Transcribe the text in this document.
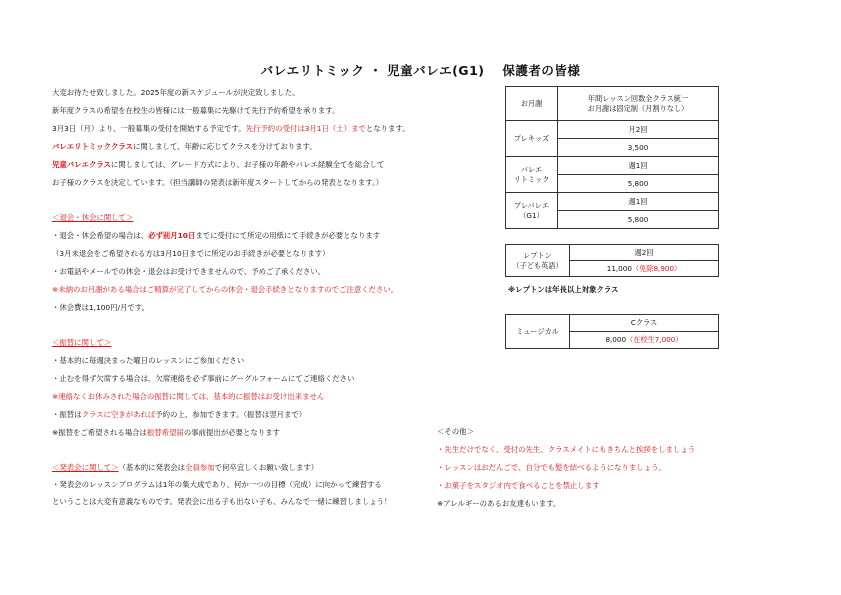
バレエリトミック ・ 児童バレエ(G1)　 保護者の皆様
大変お待たせ致しました。2025年度の新スケジュールが決定致しました。
新年度クラスの希望を在校生の皆様には一般募集に先駆けて先行予約希望を承ります。
3月3日（月）より、一般募集の受付を開始する予定です。先行予約の受付は3月1日（土）までとなります。
バレエリトミッククラスに関しまして、年齢に応じてクラスを分けております。
児童バレエクラスに関しましては、グレード方式により、お子様の年齢やバレエ経験全てを総合して
お子様のクラスを決定しています。（担当講師の発表は新年度スタートしてからの発表となります。）
＜退会・休会に関して＞
・退会・休会希望の場合は、必ず前月10日までに受付にて所定の用紙にて手続きが必要となります
（3月末退会をご希望される方は3月10日までに所定のお手続きが必要となります）
・お電話やメールでの休会・退会はお受けできませんので、予めご了承ください。
※未納のお月謝がある場合はご精算が完了してからの休会・退会手続きとなりますのでご注意ください。
・休会費は1,100円/月です。
＜振替に関して＞
・基本的に毎週決まった曜日のレッスンにご参加ください
・止むを得ず欠席する場合は、欠席連絡を必ず事前にグーグルフォームにてご連絡ください
※連絡なくお休みされた場合の振替に関しては、基本的に振替はお受け出来ません
・振替はクラスに空きがあれば予約の上、参加できます。（振替は翌月まで）
※振替をご希望される場合は振替希望届の事前提出が必要となります
＜発表会に関して＞（基本的に発表会は全員参加で何卒宜しくお願い致します）
・発表会のレッスンプログラムは1年の集大成であり、何か一つの目標（完成）に向かって練習する
ということは大変有意義なものです。発表会に出る子も出ない子も、みんなで一緒に練習しましょう！
お月謝	年間レッスン回数全クラス統一
お月謝は固定制（月割りなし）

プレキッズ	月2回
	3,500

バレエ
リトミック	週1回
	5,800

プレバレエ
（G1）	週1回
	5,800
レプトン
（子ども英語）
	週2回
11,000（免除8,900）
※レプトンは年長以上対象クラス
ミュージカル	Cクラス
8,000（在校生7,000）
＜その他＞
・先生だけでなく、受付の先生、クラスメイトにもきちんと挨拶をしましょう
・レッスンはおだんごで、自分でも髪を結べるようになりましょう。
・お菓子をスタジオ内で食べることを禁止します
※アレルギーのあるお友達もいます。
